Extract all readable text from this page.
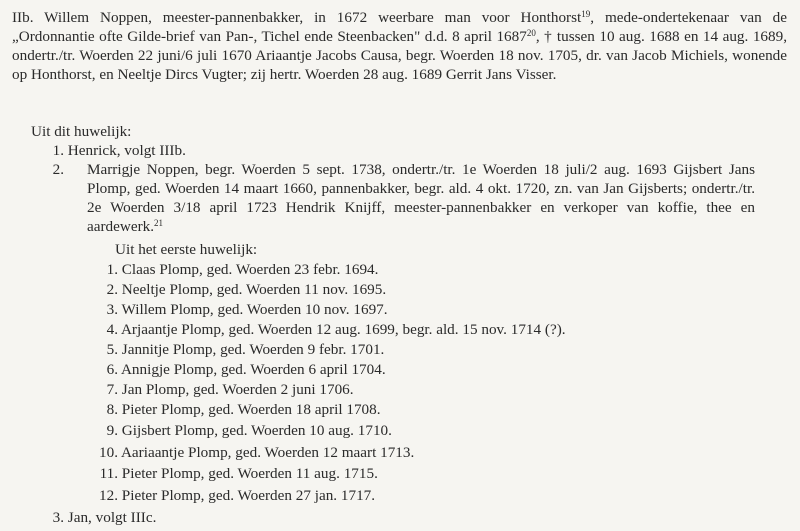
IIb. Willem Noppen, meester-pannenbakker, in 1672 weerbare man voor Honthorst$^{19}$, mede-ondertekenaar van de „Ordonnantie ofte Gilde-brief van Pan-, Tichel ende Steenbacken" d.d. 8 april 1687$^{20}$, † tussen 10 aug. 1688 en 14 aug. 1689, ondertr./tr. Woerden 22 juni/6 juli 1670 Ariaantje Jacobs Causa, begr. Woerden 18 nov. 1705, dr. van Jacob Michiels, wonende op Honthorst, en Neeltje Dircs Vugter; zij hertr. Woerden 28 aug. 1689 Gerrit Jans Visser.

Uit dit huwelijk:
1. Henrick, volgt IIIb.
2. Marrigje Noppen, begr. Woerden 5 sept. 1738, ondertr./tr. 1e Woerden 18 juli/2 aug. 1693 Gijsbert Jans Plomp, ged. Woerden 14 maart 1660, pannenbakker, begr. ald. 4 okt. 1720, zn. van Jan Gijsberts; ondertr./tr. 2e Woerden 3/18 april 1723 Hendrik Knijff, meester-pannenbakker en verkoper van koffie, thee en aardewerk.$^{21}$
Uit het eerste huwelijk:
1. Claas Plomp, ged. Woerden 23 febr. 1694.
2. Neeltje Plomp, ged. Woerden 11 nov. 1695.
3. Willem Plomp, ged. Woerden 10 nov. 1697.
4. Arjaantje Plomp, ged. Woerden 12 aug. 1699, begr. ald. 15 nov. 1714 (?).
5. Jannitje Plomp, ged. Woerden 9 febr. 1701.
6. Annigje Plomp, ged. Woerden 6 april 1704.
7. Jan Plomp, ged. Woerden 2 juni 1706.
8. Pieter Plomp, ged. Woerden 18 april 1708.
9. Gijsbert Plomp, ged. Woerden 10 aug. 1710.
10. Aariaantje Plomp, ged. Woerden 12 maart 1713.
11. Pieter Plomp, ged. Woerden 11 aug. 1715.
12. Pieter Plomp, ged. Woerden 27 jan. 1717.
3. Jan, volgt IIIc.
